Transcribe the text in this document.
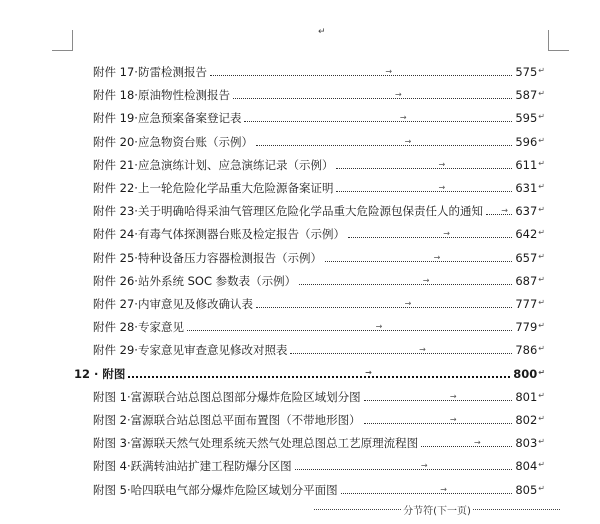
↵
附件 17·防雷检测报告	→	575 ↵
附件 18·原油物性检测报告	→	587 ↵
附件 19·应急预案备案登记表	→	595 ↵
附件 20·应急物资台账（示例）	→	596 ↵
附件 21·应急演练计划、应急演练记录（示例）	→	611 ↵
附件 22·上一轮危险化学品重大危险源备案证明	→	631 ↵
附件 23·关于明确哈得采油气管理区危险化学品重大危险源包保责任人的通知 → 637 ↵
附件 24·有毒气体探测器台账及检定报告（示例）	→	642 ↵
附件 25·特种设备压力容器检测报告（示例）	→	657 ↵
附件 26·站外系统 SOC 参数表（示例）	→	687 ↵
附件 27·内审意见及修改确认表	→	777 ↵
附件 28·专家意见	→	779 ↵
附件 29·专家意见审查意见修改对照表	→	786 ↵
12 · 附图	→	800 ↵
附图 1·富源联合站总图总图部分爆炸危险区域划分图	→	801 ↵
附图 2·富源联合站总图总平面布置图（不带地形图）	→	802 ↵
附图 3·富源联天然气处理系统天然气处理总图总工艺原理流程图	→	803 ↵
附图 4·跃满转油站扩建工程防爆分区图	→	804 ↵
附图 5·哈四联电气部分爆炸危险区域划分平面图	→	805 ↵
分节符(下一页)
